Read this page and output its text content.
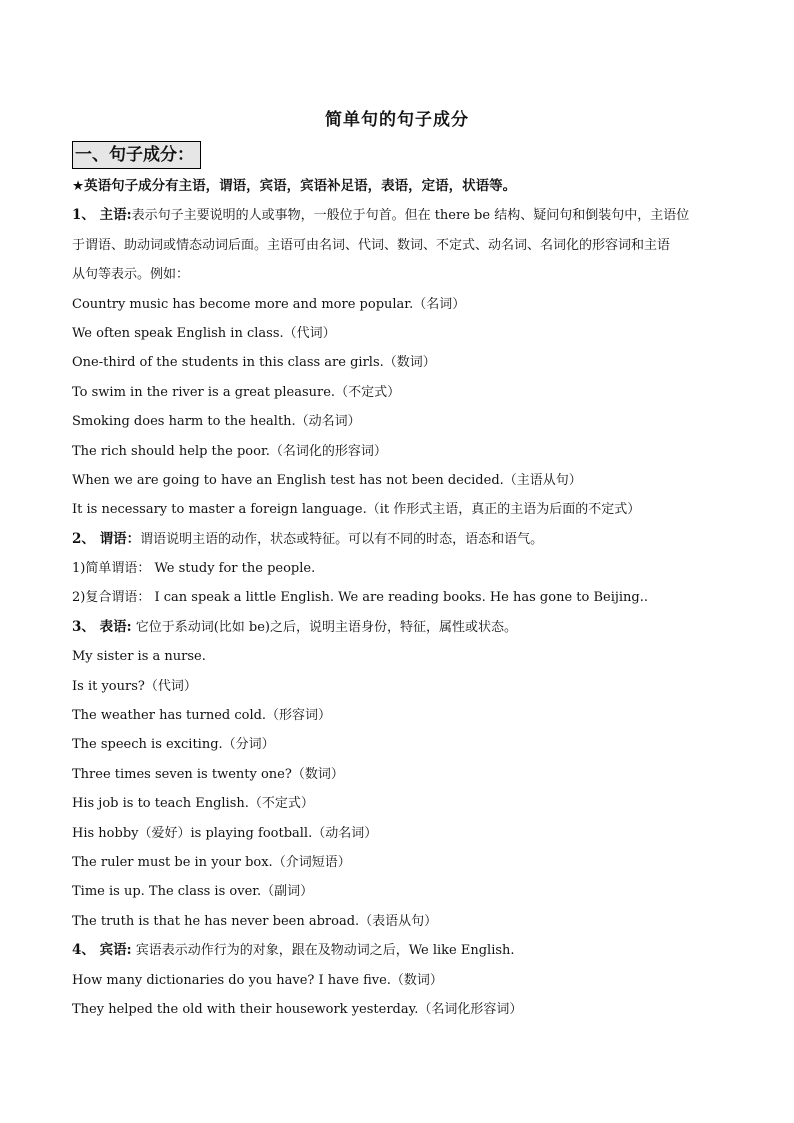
简单句的句子成分
一、句子成分：
★英语句子成分有主语，谓语，宾语，宾语补足语，表语，定语，状语等。
1、 主语:表示句子主要说明的人或事物，一般位于句首。但在 there be 结构、疑问句和倒装句中，主语位
于谓语、助动词或情态动词后面。主语可由名词、代词、数词、不定式、动名词、名词化的形容词和主语
从句等表示。例如：
Country music has become more and more popular.（名词）
We often speak English in class.（代词）
One-third of the students in this class are girls.（数词）
To swim in the river is a great pleasure.（不定式）
Smoking does harm to the health.（动名词）
The rich should help the poor.（名词化的形容词）
When we are going to have an English test has not been decided.（主语从句）
It is necessary to master a foreign language.（it 作形式主语，真正的主语为后面的不定式）
2、 谓语：谓语说明主语的动作，状态或特征。可以有不同的时态，语态和语气。
1)简单谓语： We study for the people.
2)复合谓语： I can speak a little English. We are reading books. He has gone to Beijing..
3、 表语: 它位于系动词(比如 be)之后，说明主语身份，特征，属性或状态。
My sister is a nurse.
Is it yours?（代词）
The weather has turned cold.（形容词）
The speech is exciting.（分词）
Three times seven is twenty one?（数词）
His job is to teach English.（不定式）
His hobby（爱好）is playing football.（动名词）
The ruler must be in your box.（介词短语）
Time is up. The class is over.（副词）
The truth is that he has never been abroad.（表语从句）
4、 宾语: 宾语表示动作行为的对象，跟在及物动词之后，We like English.
How many dictionaries do you have? I have five.（数词）
They helped the old with their housework yesterday.（名词化形容词）
